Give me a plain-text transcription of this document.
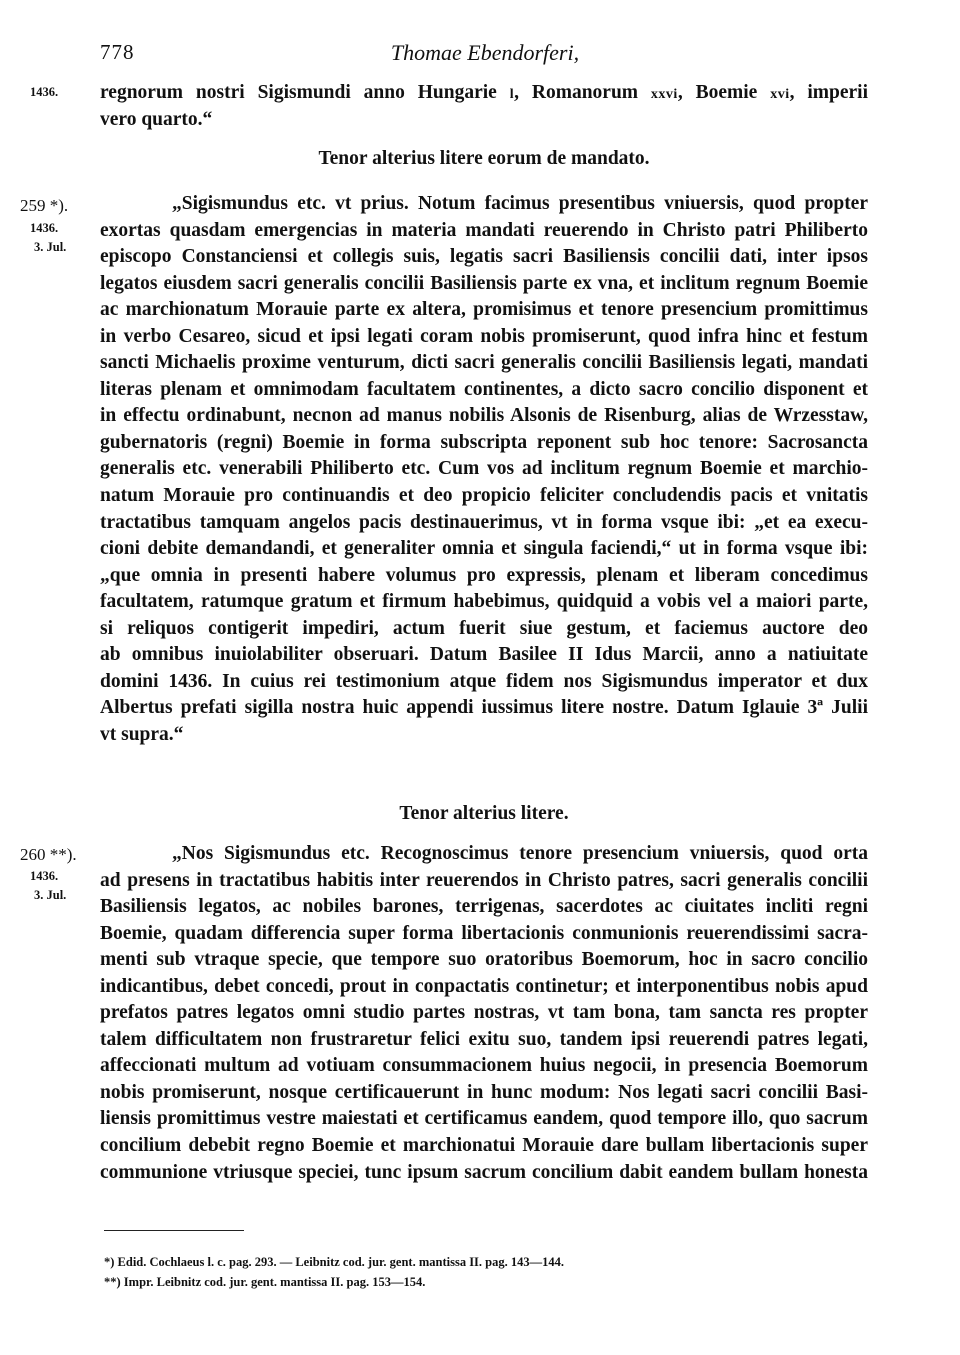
778	Thomae Ebendorferi,
1436.
259 *).
1436.
3. Jul.
260 **).
1436.
3. Jul.
regnorum nostri Sigismundi anno Hungarie l, Romanorum xxvi, Boemie xvi, imperii
vero quarto.“
Tenor alterius litere eorum de mandato.
„Sigismundus etc. vt prius. Notum facimus presentibus vniuersis, quod propter
exortas quasdam emergencias in materia mandati reuerendo in Christo patri Philiberto
episcopo Constanciensi et collegis suis, legatis sacri Basiliensis concilii dati, inter ipsos
legatos eiusdem sacri generalis concilii Basiliensis parte ex vna, et inclitum regnum Boemie
ac marchionatum Morauie parte ex altera, promisimus et tenore presencium promittimus
in verbo Cesareo, sicud et ipsi legati coram nobis promiserunt, quod infra hinc et festum
sancti Michaelis proxime venturum, dicti sacri generalis concilii Basiliensis legati, mandati
literas plenam et omnimodam facultatem continentes, a dicto sacro concilio disponent et
in effectu ordinabunt, necnon ad manus nobilis Alsonis de Risenburg, alias de Wrzesstaw,
gubernatoris (regni) Boemie in forma subscripta reponent sub hoc tenore: Sacrosancta
generalis etc. venerabili Philiberto etc. Cum vos ad inclitum regnum Boemie et marchio-
natum Morauie pro continuandis et deo propicio feliciter concludendis pacis et vnitatis
tractatibus tamquam angelos pacis destinauerimus, vt in forma vsque ibi: „et ea execu-
cioni debite demandandi, et generaliter omnia et singula faciendi,“ ut in forma vsque ibi:
„que omnia in presenti habere volumus pro expressis, plenam et liberam concedimus
facultatem, ratumque gratum et firmum habebimus, quidquid a vobis vel a maiori parte,
si reliquos contigerit impediri, actum fuerit siue gestum, et faciemus auctore deo
ab omnibus inuiolabiliter obseruari. Datum Basilee II Idus Marcii, anno a natiuitate
domini 1436. In cuius rei testimonium atque fidem nos Sigismundus imperator et dux
Albertus prefati sigilla nostra huic appendi iussimus litere nostre. Datum Iglauie 3ª Julii
vt supra.“
Tenor alterius litere.
„Nos Sigismundus etc. Recognoscimus tenore presencium vniuersis, quod orta
ad presens in tractatibus habitis inter reuerendos in Christo patres, sacri generalis concilii
Basiliensis legatos, ac nobiles barones, terrigenas, sacerdotes ac ciuitates incliti regni
Boemie, quadam differencia super forma libertacionis conmunionis reuerendissimi sacra-
menti sub vtraque specie, que tempore suo oratoribus Boemorum, hoc in sacro concilio
indicantibus, debet concedi, prout in conpactatis continetur; et interponentibus nobis apud
prefatos patres legatos omni studio partes nostras, vt tam bona, tam sancta res propter
talem difficultatem non frustraretur felici exitu suo, tandem ipsi reuerendi patres legati,
affeccionati multum ad votiuam consummacionem huius negocii, in presencia Boemorum
nobis promiserunt, nosque certificauerunt in hunc modum: Nos legati sacri concilii Basi-
liensis promittimus vestre maiestati et certificamus eandem, quod tempore illo, quo sacrum
concilium debebit regno Boemie et marchionatui Morauie dare bullam libertacionis super
communione vtriusque speciei, tunc ipsum sacrum concilium dabit eandem bullam honesta
*) Edid. Cochlaeus l. c. pag. 293. — Leibnitz cod. jur. gent. mantissa II. pag. 143—144.
**) Impr. Leibnitz cod. jur. gent. mantissa II. pag. 153—154.
